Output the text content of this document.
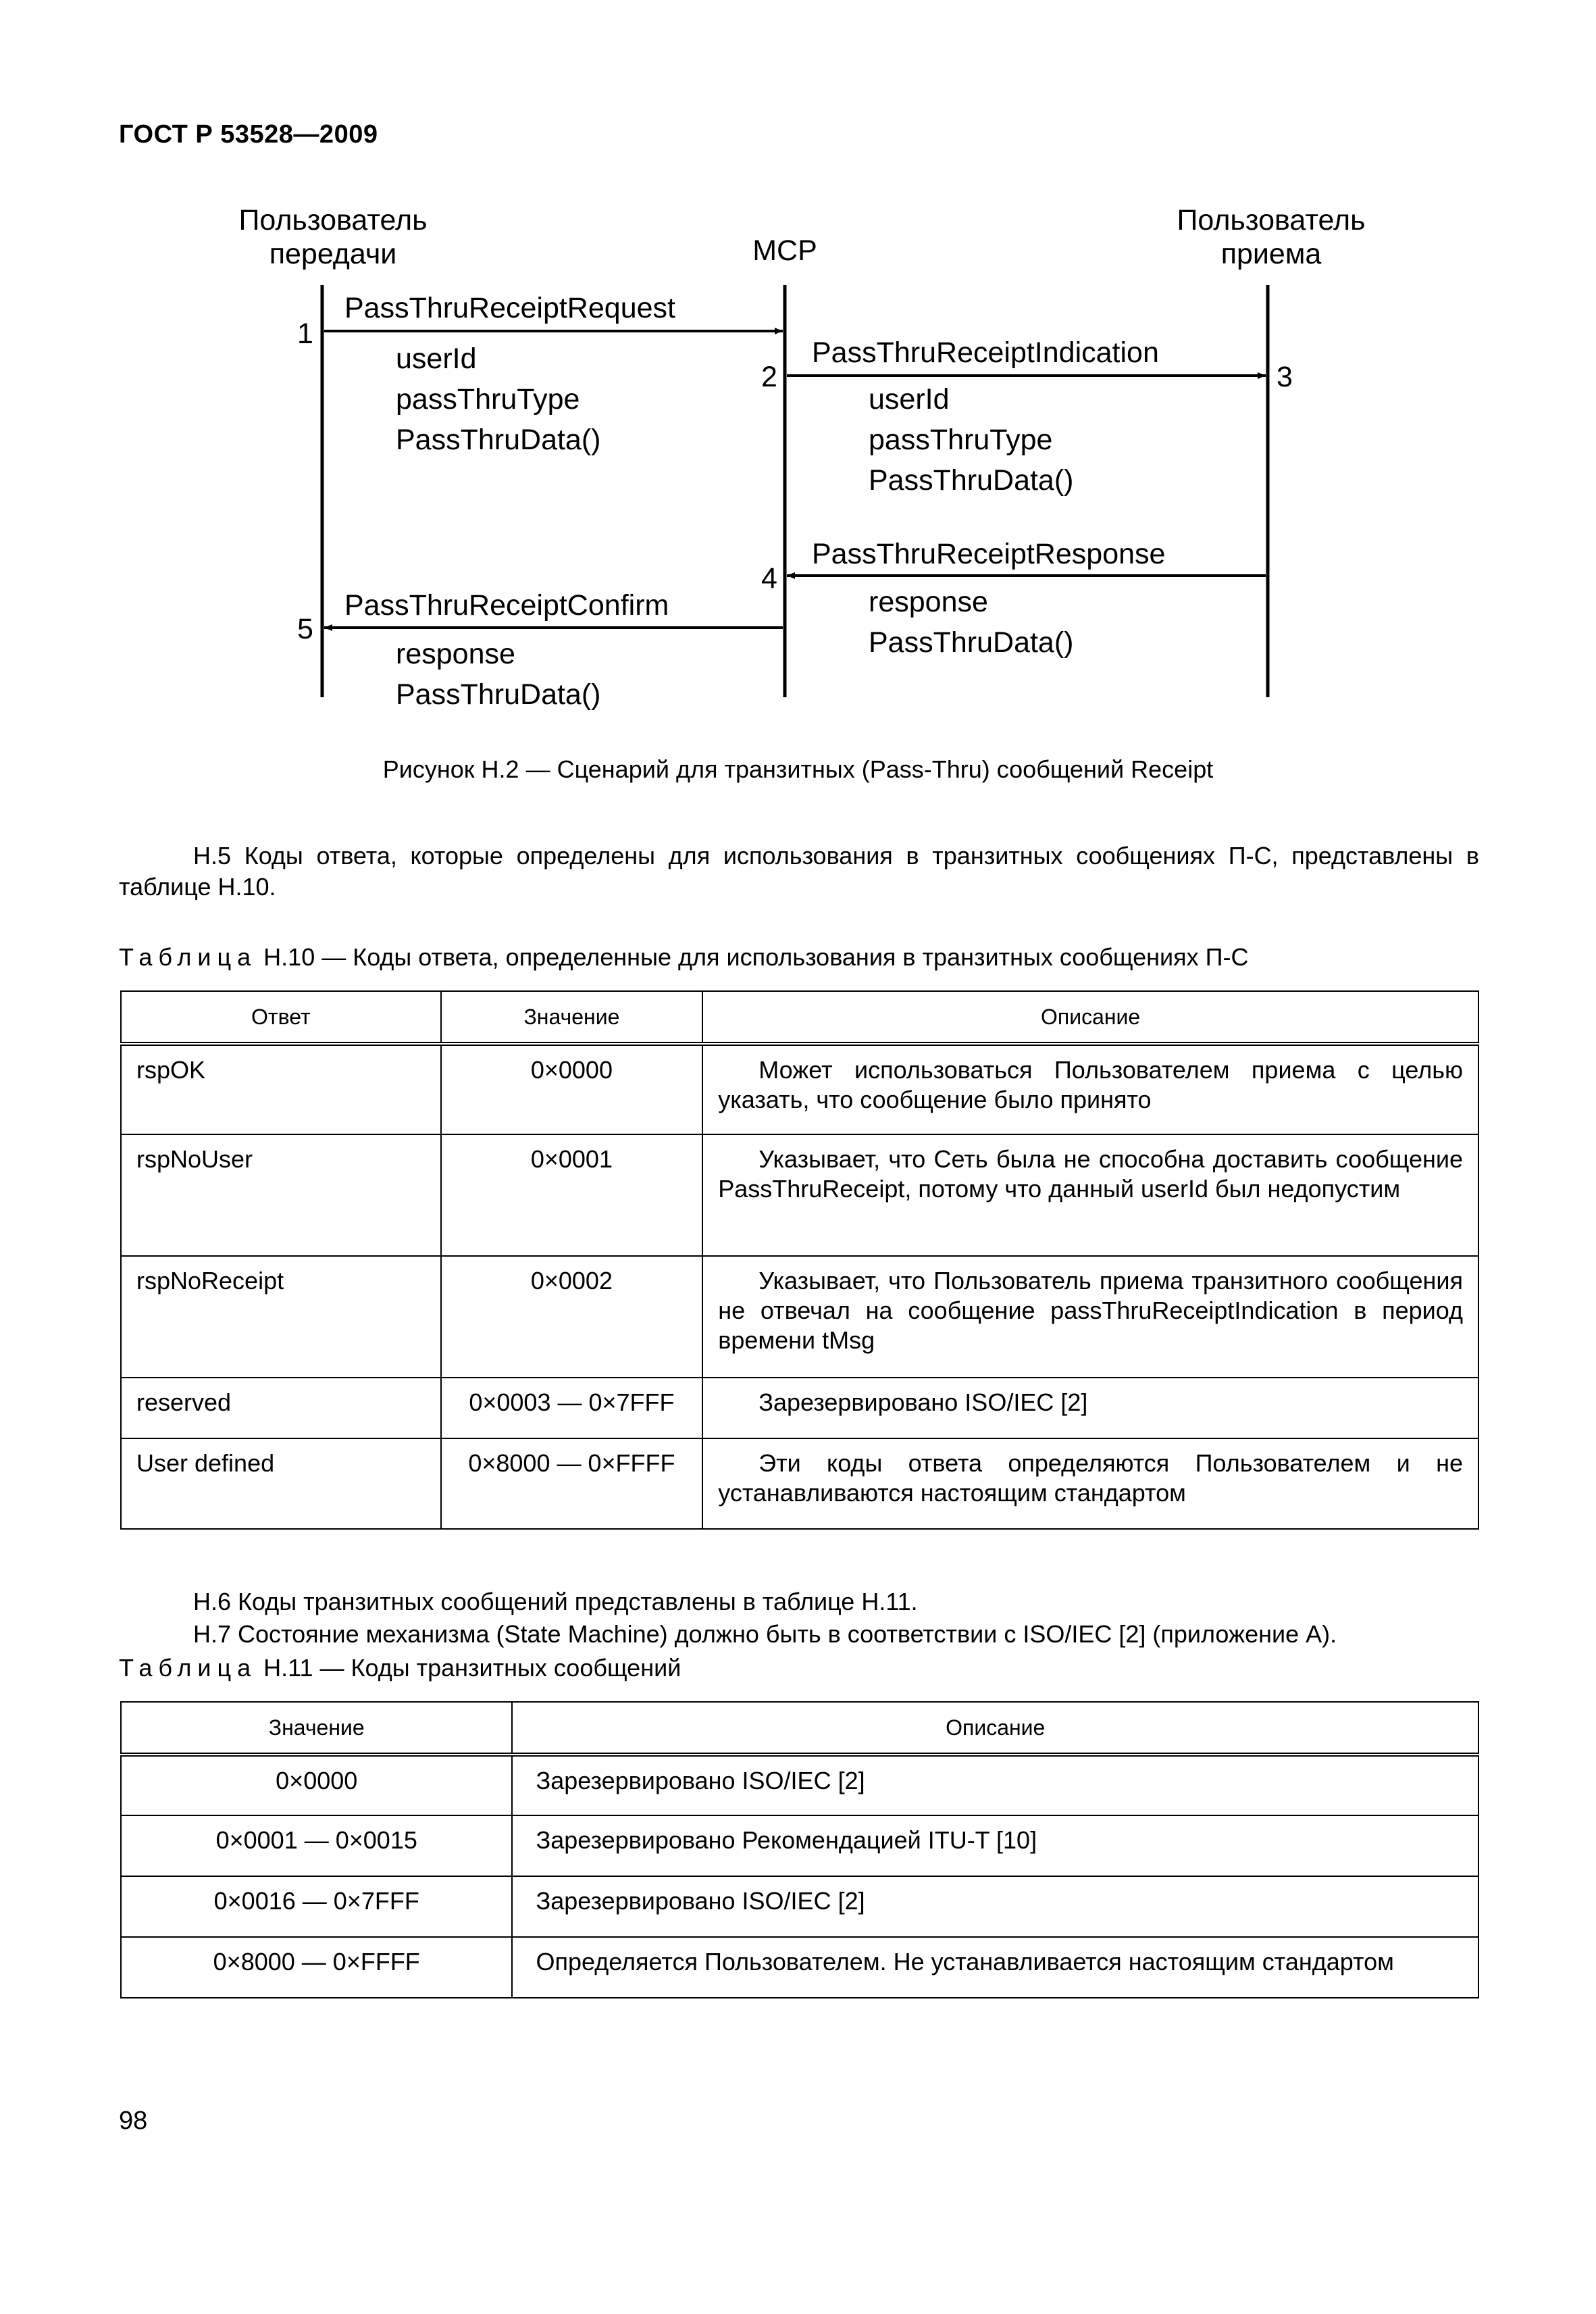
ГОСТ Р 53528—2009
Пользователь
передачи	МСР
Пользователь
приема
1
2	3
4
5
PassThruReceiptRequest
userId
passThruType
PassThruData()
PassThruReceiptIndication
userId
passThruType
PassThruData()
PassThruReceiptResponse
response
PassThruData()
PassThruReceiptConfirm
response
PassThruData()
Рисунок Н.2 — Сценарий для транзитных (Pass-Thru) сообщений Receipt
Н.5 Коды ответа, которые определены для использования в транзитных сообщениях П-С, представлены в таблице Н.10.
Таблица Н.10 — Коды ответа, определенные для использования в транзитных сообщениях П-С
Ответ	Значение	Описание
rspOK	0×0000	Может использоваться Пользователем приема с целью указать, что сообщение было принято
rspNoUser	0×0001	Указывает, что Сеть была не способна доставить сообщение PassThruReceipt, потому что данный userId был недопустим
rspNoReceipt	0×0002	Указывает, что Пользователь приема транзитного сообщения не отвечал на сообщение passThruReceiptIndication в период времени tMsg
reserved	0×0003 — 0×7FFF	Зарезервировано ISO/IEC [2]
User defined	0×8000 — 0×FFFF	Эти коды ответа определяются Пользователем и не устанавливаются настоящим стандартом
Н.6 Коды транзитных сообщений представлены в таблице Н.11.
Н.7 Состояние механизма (State Machine) должно быть в соответствии с ISO/IEC [2] (приложение А).
Таблица Н.11 — Коды транзитных сообщений
Значение	Описание
0×0000	Зарезервировано ISO/IEC [2]
0×0001 — 0×0015	Зарезервировано Рекомендацией ITU-T [10]
0×0016 — 0×7FFF	Зарезервировано ISO/IEC [2]
0×8000 — 0×FFFF	Определяется Пользователем. Не устанавливается настоящим стандартом
98
